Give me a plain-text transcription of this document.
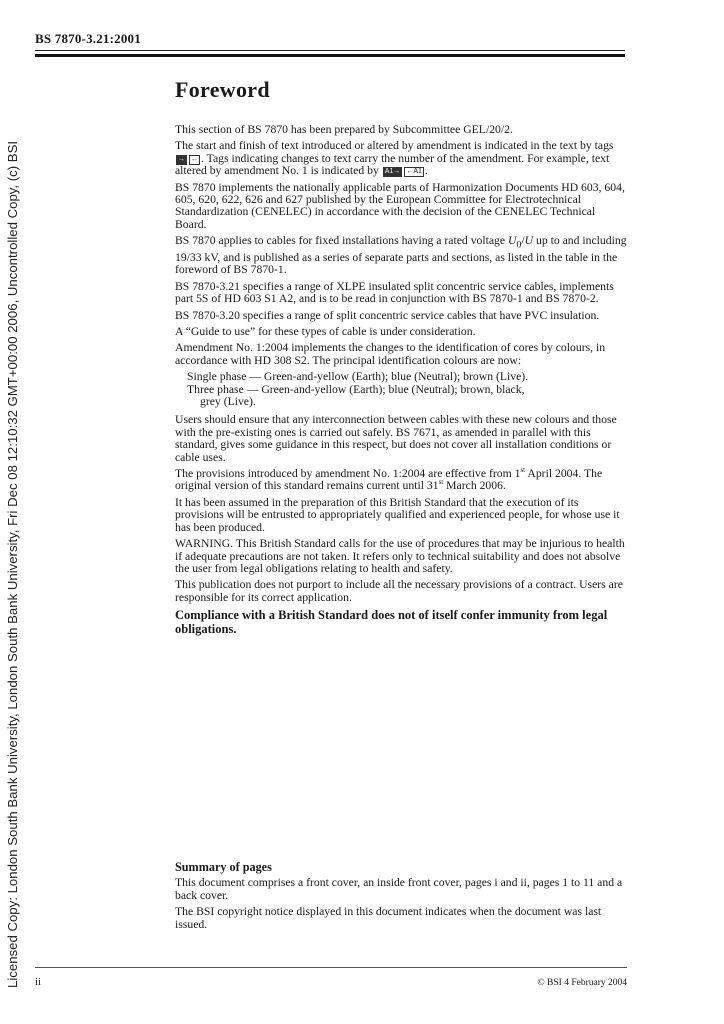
Licensed Copy: London South Bank University, London South Bank University, Fri Dec 08 12:10:32 GMT+00:00 2006, Uncontrolled Copy, (c) BSI
BS 7870-3.21:2001
Foreword

This section of BS 7870 has been prepared by Subcommittee GEL/20/2.

The start and finish of text introduced or altered by amendment is indicated in the text by tags → ← . Tags indicating changes to text carry the number of the amendment. For example, text altered by amendment No. 1 is indicated by A1→ ←A1 .

BS 7870 implements the nationally applicable parts of Harmonization Documents HD 603, 604, 605, 620, 622, 626 and 627 published by the European Committee for Electrotechnical Standardization (CENELEC) in accordance with the decision of the CENELEC Technical Board.

BS 7870 applies to cables for fixed installations having a rated voltage $U_0/U$ up to and including 19/33 kV, and is published as a series of separate parts and sections, as listed in the table in the foreword of BS 7870-1.

BS 7870-3.21 specifies a range of XLPE insulated split concentric service cables, implements part 5S of HD 603 S1 A2, and is to be read in conjunction with BS 7870-1 and BS 7870-2.

BS 7870-3.20 specifies a range of split concentric service cables that have PVC insulation.

A “Guide to use” for these types of cable is under consideration.

Amendment No. 1:2004 implements the changes to the identification of cores by colours, in accordance with HD 308 S2. The principal identification colours are now:

Single phase — Green-and-yellow (Earth); blue (Neutral); brown (Live).
Three phase — Green-and-yellow (Earth); blue (Neutral); brown, black,
grey (Live).

Users should ensure that any interconnection between cables with these new colours and those with the pre-existing ones is carried out safely. BS 7671, as amended in parallel with this standard, gives some guidance in this respect, but does not cover all installation conditions or cable uses.

The provisions introduced by amendment No. 1:2004 are effective from 1st April 2004. The original version of this standard remains current until 31st March 2006.

It has been assumed in the preparation of this British Standard that the execution of its provisions will be entrusted to appropriately qualified and experienced people, for whose use it has been produced.

WARNING. This British Standard calls for the use of procedures that may be injurious to health if adequate precautions are not taken. It refers only to technical suitability and does not absolve the user from legal obligations relating to health and safety.

This publication does not purport to include all the necessary provisions of a contract. Users are responsible for its correct application.

Compliance with a British Standard does not of itself confer immunity from legal obligations.

Summary of pages

This document comprises a front cover, an inside front cover, pages i and ii, pages 1 to 11 and a back cover.

The BSI copyright notice displayed in this document indicates when the document was last issued.

ii	© BSI 4 February 2004
